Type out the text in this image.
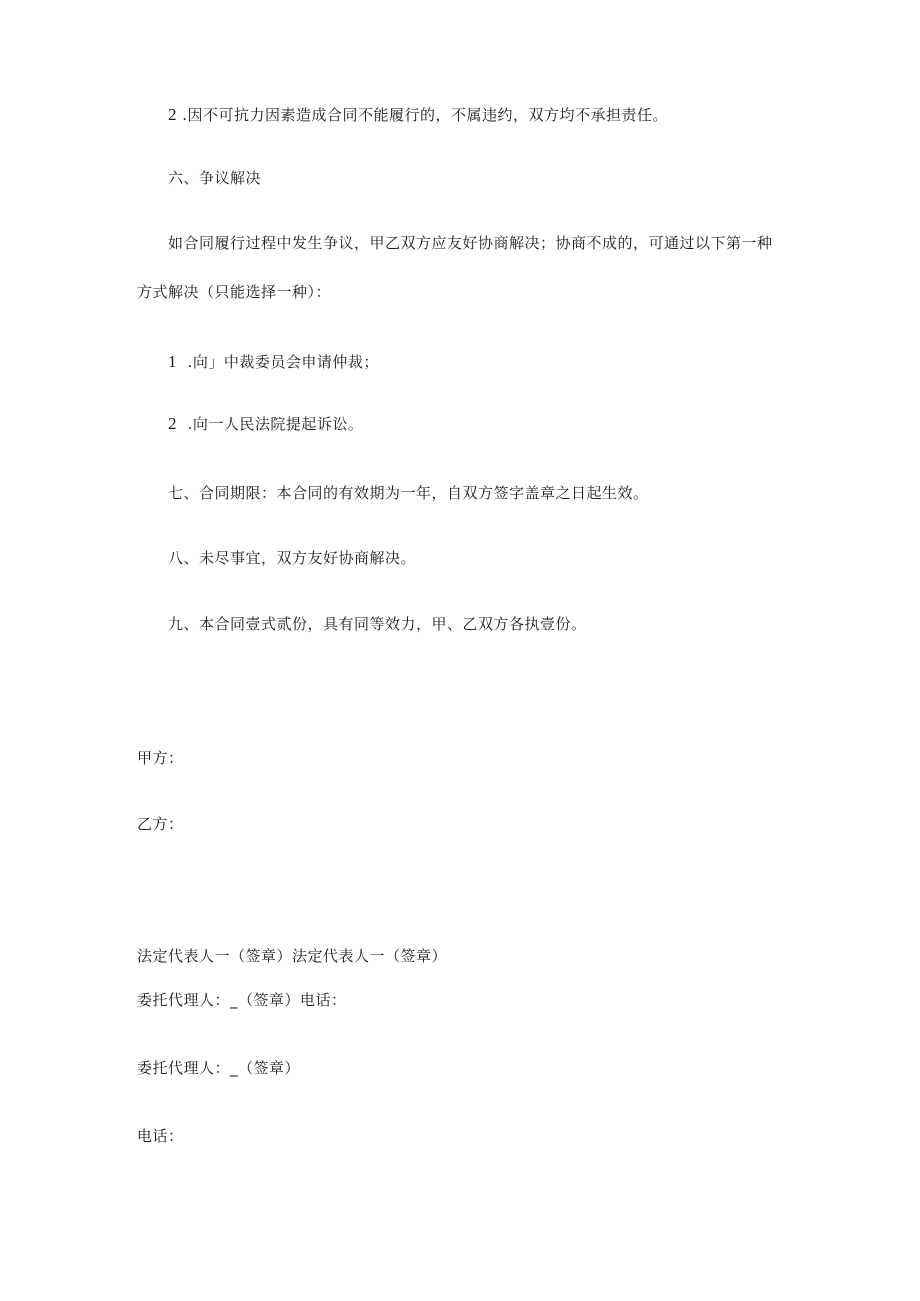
2 .因不可抗力因素造成合同不能履行的，不属违约，双方均不承担责任。
六、争议解决
如合同履行过程中发生争议，甲乙双方应友好协商解决；协商不成的，可通过以下第一种
方式解决（只能选择一种）：
1 .向」中裁委员会申请仲裁；
2 .向一人民法院提起诉讼。
七、合同期限：本合同的有效期为一年，自双方签字盖章之日起生效。
八、未尽事宜，双方友好协商解决。
九、本合同壹式贰份，具有同等效力，甲、乙双方各执壹份。
甲方：
乙方：
法定代表人一（签章）法定代表人一（签章）
委托代理人：_（签章）电话：
委托代理人：_（签章）
电话：
